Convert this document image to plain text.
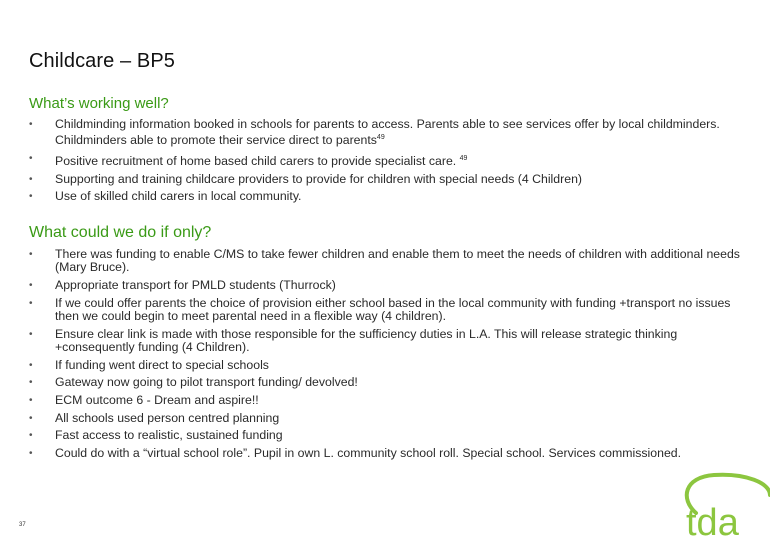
Childcare – BP5
What’s working well?
• Childminding information booked in schools for parents to access. Parents able to see services offer by local childminders. Childminders able to promote their service direct to parents$^{49}$
• Positive recruitment of home based child carers to provide specialist care. $^{49}$
• Supporting and training childcare providers to provide for children with special needs (4 Children)
• Use of skilled child carers in local community.
What could we do if only?
• There was funding to enable C/MS to take fewer children and enable them to meet the needs of children with additional needs (Mary Bruce).
• Appropriate transport for PMLD students (Thurrock)
• If we could offer parents the choice of provision either school based in the local community with funding +transport no issues then we could begin to meet parental need in a flexible way (4 children).
• Ensure clear link is made with those responsible for the sufficiency duties in L.A. This will release strategic thinking +consequently funding (4 Children).
• If funding went direct to special schools
• Gateway now going to pilot transport funding/ devolved!
• ECM outcome 6 - Dream and aspire!!
• All schools used person centred planning
• Fast access to realistic, sustained funding
• Could do with a “virtual school role”. Pupil in own L. community school roll. Special school. Services commissioned.
37	tda
